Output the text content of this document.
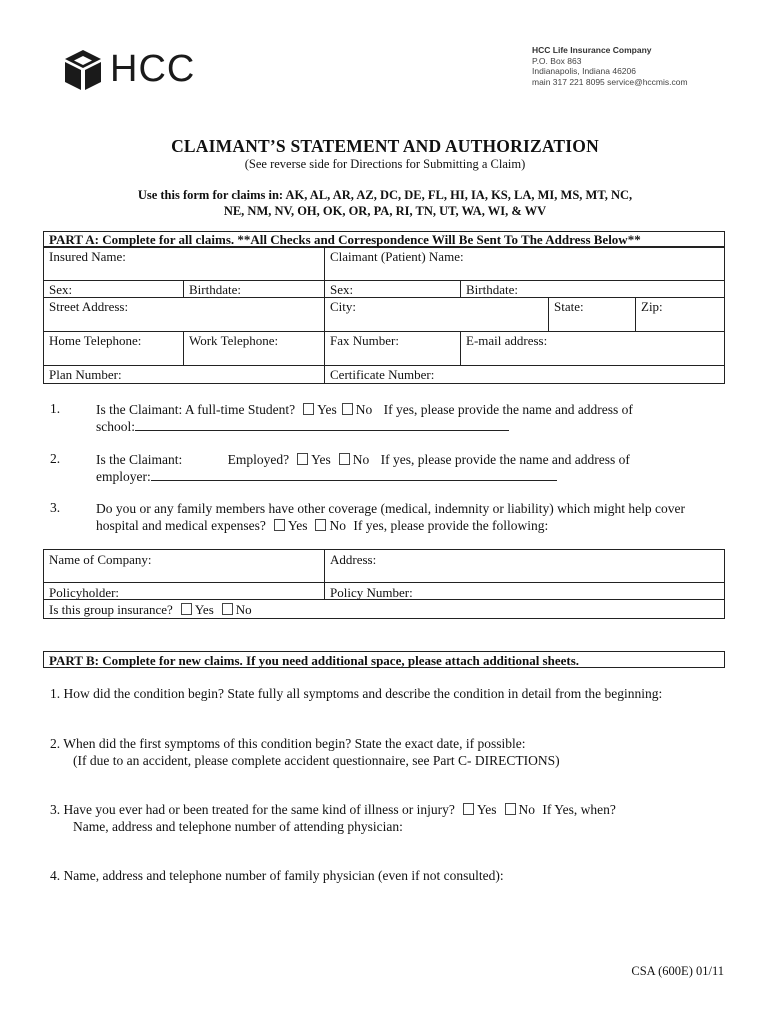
HCC	HCC Life Insurance Company
P.O. Box 863
Indianapolis, Indiana 46206
main 317 221 8095 service@hccmis.com
CLAIMANT’S STATEMENT AND AUTHORIZATION
(See reverse side for Directions for Submitting a Claim)
Use this form for claims in: AK, AL, AR, AZ, DC, DE, FL, HI, IA, KS, LA, MI, MS, MT, NC,
NE, NM, NV, OH, OK, OR, PA, RI, TN, UT, WA, WI, & WV
PART A: Complete for all claims. **All Checks and Correspondence Will Be Sent To The Address Below**
Insured Name:	Claimant (Patient) Name:
Sex:	Birthdate:	Sex:	Birthdate:
Street Address:	City:	State:	Zip:
Home Telephone:	Work Telephone:	Fax Number:	E-mail address:
Plan Number:	Certificate Number:
1.	Is the Claimant: A full-time Student? Yes No If yes, please provide the name and address of
school:
2.	Is the Claimant:	Employed? Yes No If yes, please provide the name and address of
employer:
3.	Do you or any family members have other coverage (medical, indemnity or liability) which might help cover
hospital and medical expenses? Yes No If yes, please provide the following:
Name of Company:	Address:
Policyholder:	Policy Number:
Is this group insurance? Yes No
PART B: Complete for new claims. If you need additional space, please attach additional sheets.
1. How did the condition begin? State fully all symptoms and describe the condition in detail from the beginning:
2. When did the first symptoms of this condition begin? State the exact date, if possible:
(If due to an accident, please complete accident questionnaire, see Part C- DIRECTIONS)
3. Have you ever had or been treated for the same kind of illness or injury? Yes No If Yes, when?
Name, address and telephone number of attending physician:
4. Name, address and telephone number of family physician (even if not consulted):
CSA (600E) 01/11
